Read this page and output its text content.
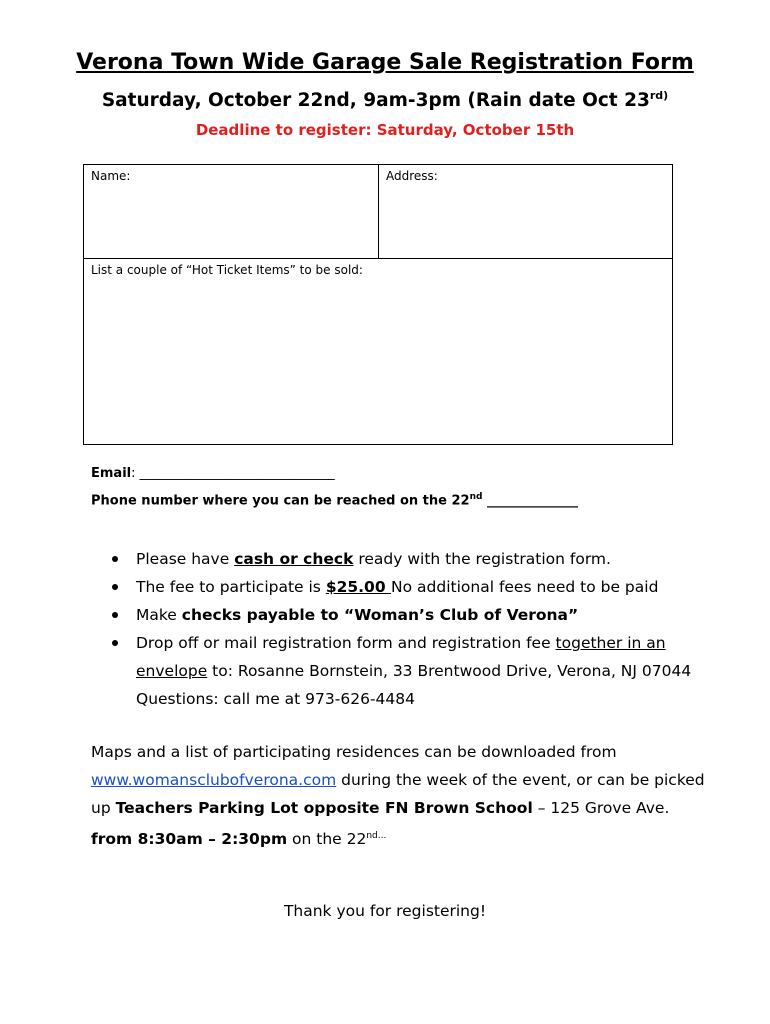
Verona Town Wide Garage Sale Registration Form
Saturday, October 22nd, 9am-3pm (Rain date Oct $23^{rd)}$
Deadline to register: Saturday, October 15th
Name:	Address:
List a couple of “Hot Ticket Items” to be sold:
Email: ______________________________
Phone number where you can be reached on the 22nd ______________
Please have cash or check ready with the registration form.
The fee to participate is $25.00 No additional fees need to be paid
Make checks payable to “Woman’s Club of Verona”
Drop off or mail registration form and registration fee together in an envelope to: Rosanne Bornstein, 33 Brentwood Drive, Verona, NJ 07044 Questions: call me at 973-626-4484
Maps and a list of participating residences can be downloaded from www.womansclubofverona.com during the week of the event, or can be picked up Teachers Parking Lot opposite FN Brown School – 125 Grove Ave. from 8:30am – 2:30pm on the $22^{nd...}$
Thank you for registering!
